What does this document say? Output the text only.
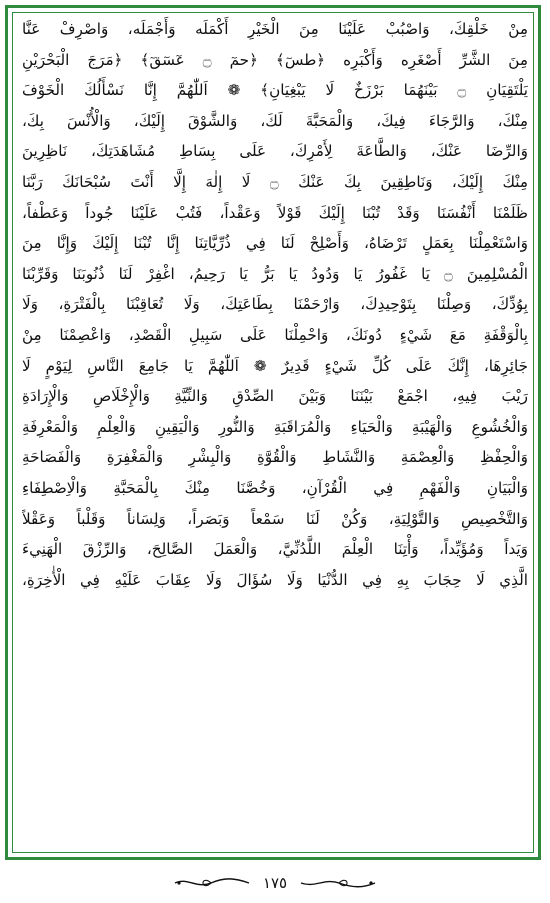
مِنْ خَلْقِكَ، وَاصْبُبْ عَلَيْنَا مِنَ الْخَيْرِ أَكْمَلَه وَأَجْمَلَه، وَاصْرِفْ عَنَّا
مِنَ الشَّرِّ أَصْغَرِه وَأَكْبَرِه ﴿طسٓ﴾ ﴿حمٓ ۝ عٓسٓقٓ﴾ ﴿مَرَجَ الْبَحْرَيْنِ
يَلْتَقِيَانِ ۝ بَيْنَهُمَا بَرْزَخٌ لَا يَبْغِيَانِ﴾ ❁ اَللّٰهُمَّ إِنَّا نَسْأَلُكَ الْخَوْفَ
مِنْكَ، وَالرَّجَاءَ فِيكَ، وَالْمَحَبَّةَ لَكَ، وَالشَّوْقَ إِلَيْكَ، وَالْأُنْسَ بِكَ،
وَالرِّضَا عَنْكَ، وَالطَّاعَةَ لِأَمْرِكَ، عَلَى بِسَاطِ مُشَاهَدَتِكَ، نَاظِرِينَ
مِنْكَ إِلَيْكَ، وَنَاطِقِينَ بِكَ عَنْكَ ۝ لَا إِلٰهَ إِلَّا أَنْتَ سُبْحَانَكَ رَبَّنَا
ظَلَمْنَا أَنْفُسَنَا وَقَدْ تُبْنَا إِلَيْكَ قَوْلاً وَعَقْداً، فَتُبْ عَلَيْنَا جُوداً وَعَطْفاً،
وَاسْتَعْمِلْنَا بِعَمَلٍ تَرْضَاهُ، وَأَصْلِحْ لَنَا فِي ذُرِّيَّاتِنَا إِنَّا تُبْنَا إِلَيْكَ وَإِنَّا مِنَ
الْمُسْلِمِينَ ۝ يَا غَفُورُ يَا وَدُودُ يَا بَرُّ يَا رَحِيمُ، اغْفِرْ لَنَا ذُنُوبَنَا وَقَرِّبْنَا
بِوُدِّكَ، وَصِلْنَا بِتَوْحِيدِكَ، وَارْحَمْنَا بِطَاعَتِكَ، وَلَا تُعَاقِبْنَا بِالْفَتْرَةِ، وَلَا
بِالْوَقْفَةِ مَعَ شَيْءٍ دُونَكَ، وَاحْمِلْنَا عَلَى سَبِيلِ الْقَصْدِ، وَاعْصِمْنَا مِنْ
جَائِرِهَا، إِنَّكَ عَلَى كُلِّ شَيْءٍ قَدِيرٌ ❁ اَللّٰهُمَّ يَا جَامِعَ النَّاسِ لِيَوْمٍ لَا
رَيْبَ فِيهِ، اجْمَعْ بَيْنَنَا وَبَيْنَ الصِّدْقِ وَالنِّيَّةِ وَالْإِخْلَاصِ وَالْإِرَادَةِ
وَالْخُشُوعِ وَالْهَيْبَةِ وَالْحَيَاءِ وَالْمُرَاقَبَةِ وَالنُّورِ وَالْيَقِينِ وَالْعِلْمِ وَالْمَعْرِفَةِ
وَالْحِفْظِ وَالْعِصْمَةِ وَالنَّشَاطِ وَالْقُوَّةِ وَالْبِشْرِ وَالْمَغْفِرَةِ وَالْفَصَاحَةِ
وَالْبَيَانِ وَالْفَهْمِ فِي الْقُرْآنِ، وَخُصَّنَا مِنْكَ بِالْمَحَبَّةِ وَالْاِصْطِفَاءِ
وَالتَّخْصِيصِ وَالتَّوْلِيَةِ، وَكُنْ لَنَا سَمْعاً وَبَصَراً، وَلِسَاناً وَقَلْباً وَعَقْلاً
وَيَداً وَمُؤَيِّداً، وَأْتِنَا الْعِلْمَ اللَّدُنِّيَّ، وَالْعَمَلَ الصَّالِحَ، وَالرِّزْقَ الْهَنِيءَ
الَّذِي لَا حِجَابَ بِهِ فِي الدُّنْيَا وَلَا سُؤَالَ وَلَا عِقَابَ عَلَيْهِ فِي الْأٰخِرَةِ،
١٧٥
